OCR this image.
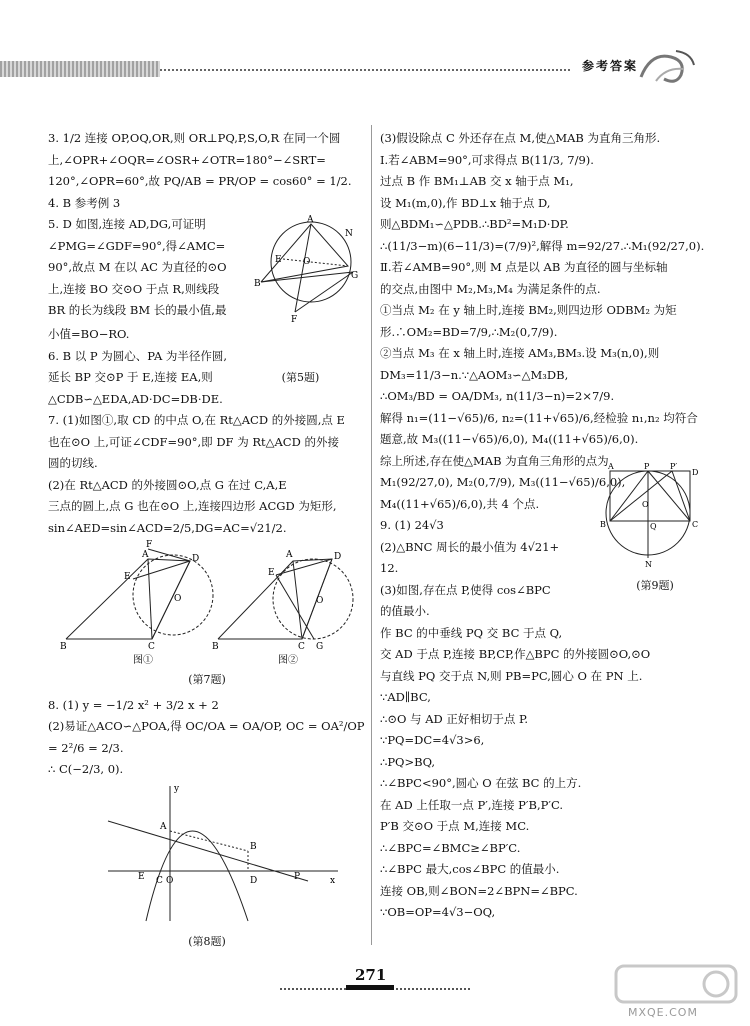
参考答案

3. 1/2 连接 OP,OQ,OR,则 OR⊥PQ,P,S,O,R 在同一个圆

上,∠OPR+∠OQR=∠OSR+∠OTR=180°−∠SRT=

120°,∠OPR=60°,故 PQ/AB = PR/OP = cos60° = 1/2.

4. B 参考例 3

5. D 如图,连接 AD,DG,可证明

∠PMG=∠GDF=90°,得∠AMC=

90°,故点 M 在以 AC 为直径的⊙O

上,连接 BO 交⊙O 于点 R,则线段

BR 的长为线段 BM 长的最小值,最

A
B
G
F
N
E O

小值=BO−RO.

6. B 以 P 为圆心、PA 为半径作圆,

延长 BP 交⊙P 于 E,连接 EA,则	(第5题)

△CDB∽△EDA,AD·DC=DB·DE.

7. (1)如图①,取 CD 的中点 O,在 Rt△ACD 的外接圆,点 E

也在⊙O 上,可证∠CDF=90°,即 DF 为 Rt△ACD 的外接

圆的切线.

(2)在 Rt△ACD 的外接圆⊙O,点 G 在过 C,A,E

三点的圆上,点 G 也在⊙O 上,连接四边形 ACGD 为矩形,

sin∠AED=sin∠ACD=2/5,DG=AC=√21/2.

F
A	D
E
O
B	C
图①
A	D
E
O
B	C G
图②

(第7题)

8. (1) y = −1/2 x² + 3/2 x + 2

(2)易证△ACO∽△POA,得 OC/OA = OA/OP, OC = OA²/OP = 2²/6 = 2/3.

∴ C(−2/3, 0).

x
y
A
B
O
C	D	P
E

(第8题)

(3)假设除点 C 外还存在点 M,使△MAB 为直角三角形.

Ⅰ.若∠ABM=90°,可求得点 B(11/3, 7/9).

过点 B 作 BM₁⊥AB 交 x 轴于点 M₁,

设 M₁(m,0),作 BD⊥x 轴于点 D,

则△BDM₁∽△PDB.∴BD²=M₁D·DP.

∴(11/3−m)(6−11/3)=(7/9)²,解得 m=92/27.∴M₁(92/27,0).

Ⅱ.若∠AMB=90°,则 M 点是以 AB 为直径的圆与坐标轴

的交点,由图中 M₂,M₃,M₄ 为满足条件的点.

①当点 M₂ 在 y 轴上时,连接 BM₂,则四边形 ODBM₂ 为矩

形.∴OM₂=BD=7/9,∴M₂(0,7/9).

②当点 M₃ 在 x 轴上时,连接 AM₃,BM₃.设 M₃(n,0),则

DM₃=11/3−n.∵△AOM₃∽△M₃DB,

∴OM₃/BD = OA/DM₃, n(11/3−n)=2×7/9.

解得 n₁=(11−√65)/6, n₂=(11+√65)/6,经检验 n₁,n₂ 均符合

题意,故 M₃((11−√65)/6,0), M₄((11+√65)/6,0).

综上所述,存在使△MAB 为直角三角形的点为

M₁(92/27,0), M₂(0,7/9), M₃((11−√65)/6,0),

M₄((11+√65)/6,0),共 4 个点.

9. (1) 24√3

(2)△BNC 周长的最小值为 4√21+

12.

(3)如图,存在点 P,使得 cos∠BPC

的值最小.

A	P	P′
D
B	C
O
Q
N

(第9题)

作 BC 的中垂线 PQ 交 BC 于点 Q,

交 AD 于点 P,连接 BP,CP,作△BPC 的外接圆⊙O,⊙O

与直线 PQ 交于点 N,则 PB=PC,圆心 O 在 PN 上.

∵AD∥BC,

∴⊙O 与 AD 正好相切于点 P.

∵PQ=DC=4√3>6,

∴PQ>BQ,

∴∠BPC<90°,圆心 O 在弦 BC 的上方.

在 AD 上任取一点 P′,连接 P′B,P′C.

P′B 交⊙O 于点 M,连接 MC.

∴∠BPC=∠BMC≥∠BP′C.

∴∠BPC 最大,cos∠BPC 的值最小.

连接 OB,则∠BON=2∠BPN=∠BPC.

∵OB=OP=4√3−OQ,

271
MXQE.COM
